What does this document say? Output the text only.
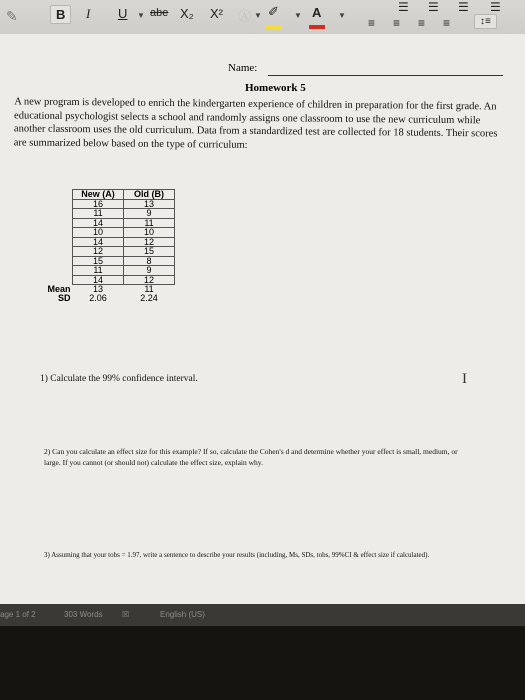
✎	B	I U ▼ abe X₂ X² Ⓐ ▼ ✐ ▼ A ▼
☰ ☰ ☰ ☰
≡ ≡ ≡ ≡	↕≡
Name:
Homework 5
A new program is developed to enrich the kindergarten experience of children in preparation for the first grade. An educational psychologist selects a school and randomly assigns one classroom to use the new curriculum while another classroom uses the old curriculum. Data from a standardized test are collected for 18 students. Their scores are summarized below based on the type of curriculum:
	New (A)	Old (B)
	16	13
	11	9
	14	11
	10	10
	14	12
	12	15
	15	8
	11	9
	14	12
Mean	13	11
SD	2.06	2.24
1) Calculate the 99% confidence interval.	I
2) Can you calculate an effect size for this example? If so, calculate the Cohen's d and determine whether your effect is small, medium, or large. If you cannot (or should not) calculate the effect size, explain why.
3) Assuming that your tobs = 1.97, write a sentence to describe your results (including, Ms, SDs, tobs, 99%CI & effect size if calculated).
age 1 of 2	303 Words ☒	English (US)
